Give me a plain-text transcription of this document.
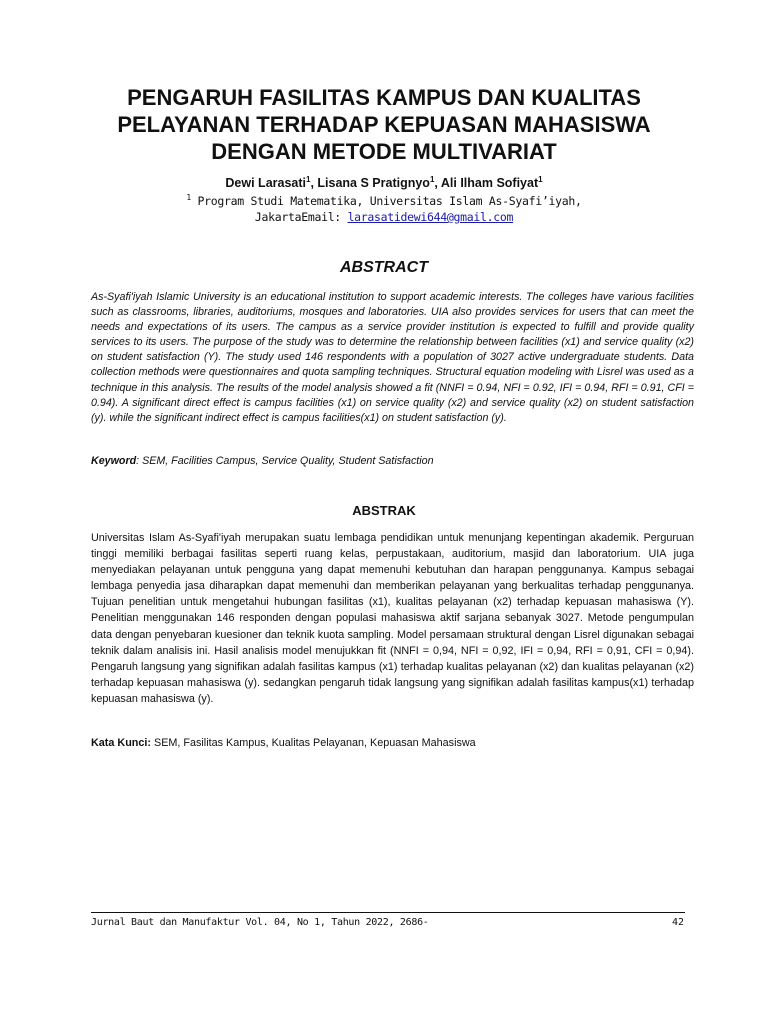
PENGARUH FASILITAS KAMPUS DAN KUALITAS
PELAYANAN TERHADAP KEPUASAN MAHASISWA
DENGAN METODE MULTIVARIAT
Dewi Larasati$^1$, Lisana S Pratignyo$^1$, Ali Ilham Sofiyat$^1$
$^1$ Program Studi Matematika, Universitas Islam As-Syafi’iyah,
JakartaEmail: larasatidewi644@gmail.com
ABSTRACT

As-Syafi'iyah Islamic University is an educational institution to support academic interests. The colleges have various facilities such as classrooms, libraries, auditoriums, mosques and laboratories. UIA also provides services for users that can meet the needs and expectations of its users. The campus as a service provider institution is expected to fulfill and provide quality services to its users. The purpose of the study was to determine the relationship between facilities (x1) and service quality (x2) on student satisfaction (Y). The study used 146 respondents with a population of 3027 active undergraduate students. Data collection methods were questionnaires and quota sampling techniques. Structural equation modeling with Lisrel was used as a technique in this analysis. The results of the model analysis showed a fit (NNFI = 0.94, NFI = 0.92, IFI = 0.94, RFI = 0.91, CFI = 0.94). A significant direct effect is campus facilities (x1) on service quality (x2) and service quality (x2) on student satisfaction (y). while the significant indirect effect is campus facilities(x1) on student satisfaction (y).

Keyword: SEM, Facilities Campus, Service Quality, Student Satisfaction

ABSTRAK

Universitas Islam As-Syafi'iyah merupakan suatu lembaga pendidikan untuk menunjang kepentingan akademik. Perguruan tinggi memiliki berbagai fasilitas seperti ruang kelas, perpustakaan, auditorium, masjid dan laboratorium. UIA juga menyediakan pelayanan untuk pengguna yang dapat memenuhi kebutuhan dan harapan penggunanya. Kampus sebagai lembaga penyedia jasa diharapkan dapat memenuhi dan memberikan pelayanan yang berkualitas terhadap penggunanya. Tujuan penelitian untuk mengetahui hubungan fasilitas (x1), kualitas pelayanan (x2) terhadap kepuasan mahasiswa (Y). Penelitian menggunakan 146 responden dengan populasi mahasiswa aktif sarjana sebanyak 3027. Metode pengumpulan data dengan penyebaran kuesioner dan teknik kuota sampling. Model persamaan struktural dengan Lisrel digunakan sebagai teknik dalam analisis ini. Hasil analisis model menujukkan fit (NNFI = 0,94, NFI = 0,92, IFI = 0,94, RFI = 0,91, CFI = 0,94). Pengaruh langsung yang signifikan adalah fasilitas kampus (x1) terhadap kualitas pelayanan (x2) dan kualitas pelayanan (x2) terhadap kepuasan mahasiswa (y). sedangkan pengaruh tidak langsung yang signifikan adalah fasilitas kampus(x1) terhadap kepuasan mahasiswa (y).

Kata Kunci: SEM, Fasilitas Kampus, Kualitas Pelayanan, Kepuasan Mahasiswa

Jurnal Baut dan Manufaktur Vol. 04, No 1, Tahun 2022, 2686-	42
